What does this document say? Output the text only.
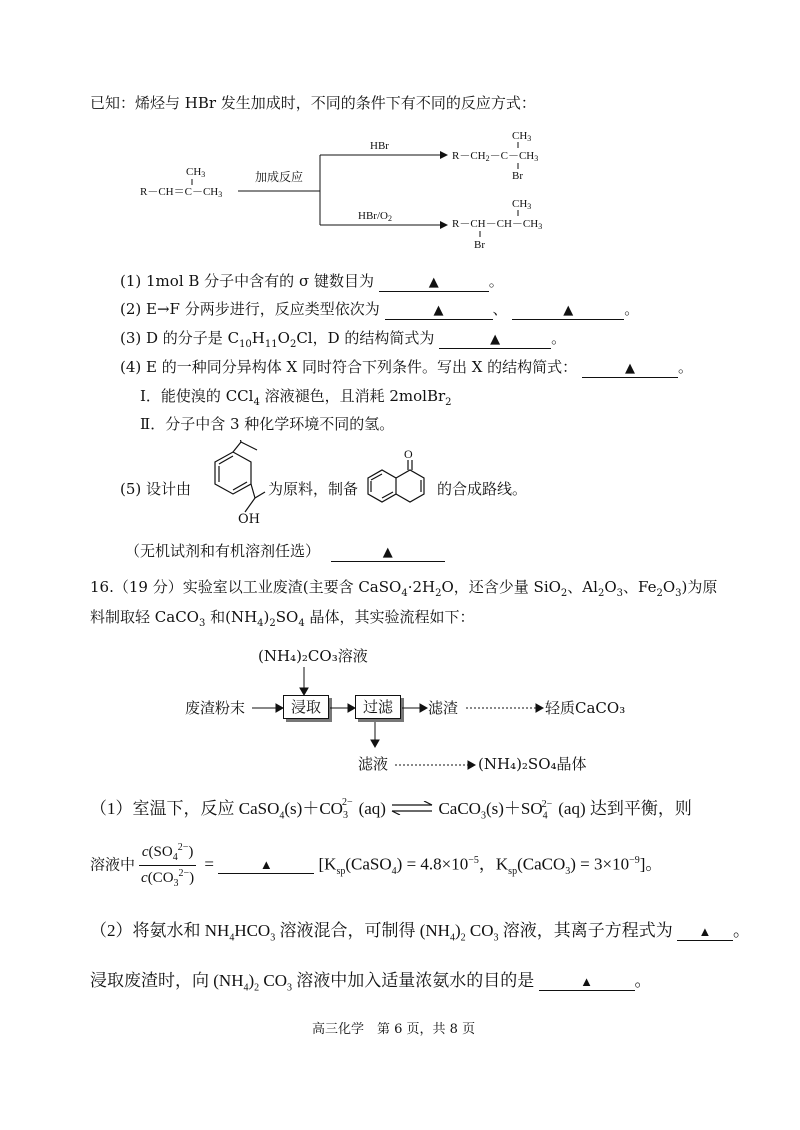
已知：烯烃与 HBr 发生加成时，不同的条件下有不同的反应方式：
CH3
R－CH＝C－CH3
加成反应
HBr
CH3
R－CH2－C－CH3
Br
HBr/O2
CH3
R－CH－CH－CH3
Br
(1) 1mol B 分子中含有的 σ 键数目为	▲	。
(2) E→F 分两步进行，反应类型依次为	▲	、	▲	。
(3) D 的分子是 $C_{10}H_{11}O_2Cl$，D 的结构简式为	▲	。
(4) E 的一种同分异构体 X 同时符合下列条件。写出 X 的结构简式：	▲	。
Ⅰ．能使溴的 CCl$_4$ 溶液褪色，且消耗 2molBr$_2$
Ⅱ．分子中含 3 种化学环境不同的氢。
(5) 设计由
OH
为原料，制备
O
的合成路线。
（无机试剂和有机溶剂任选）	▲
16.（19 分）实验室以工业废渣(主要含 $CaSO_4\cdot 2H_2O$，还含少量 SiO$_2$、$Al_2O_3$、$Fe_2O_3$)为原
料制取轻 CaCO$_3$ 和$(NH_4)_2SO_4$ 晶体，其实验流程如下：
(NH₄)₂CO₃溶液
废渣粉末	浸取	过滤	滤渣	轻质CaCO₃
滤液	(NH₄)₂SO₄晶体
（1）室温下，反应 $CaSO_4(s)+CO_3^{2-}$ (aq) ⇌ $CaCO_3(s)+SO_4^{2-}$ (aq) 达到平衡，则
溶液中 $\frac{c(SO_4^{2-})}{c(CO_3^{2-})}$ =	▲	[$K_{sp}(CaSO_4) = 4.8\times 10^{-5}$，$K_{sp}(CaCO_3) = 3\times 10^{-9}$]。
（2）将氨水和 $NH_4HCO_3$ 溶液混合，可制得 $(NH_4)_2$ $CO_3$ 溶液，其离子方程式为 ▲ 。
浸取废渣时，向 $(NH_4)_2$ $CO_3$ 溶液中加入适量浓氨水的目的是	▲ 。
高三化学　第 6 页，共 8 页
